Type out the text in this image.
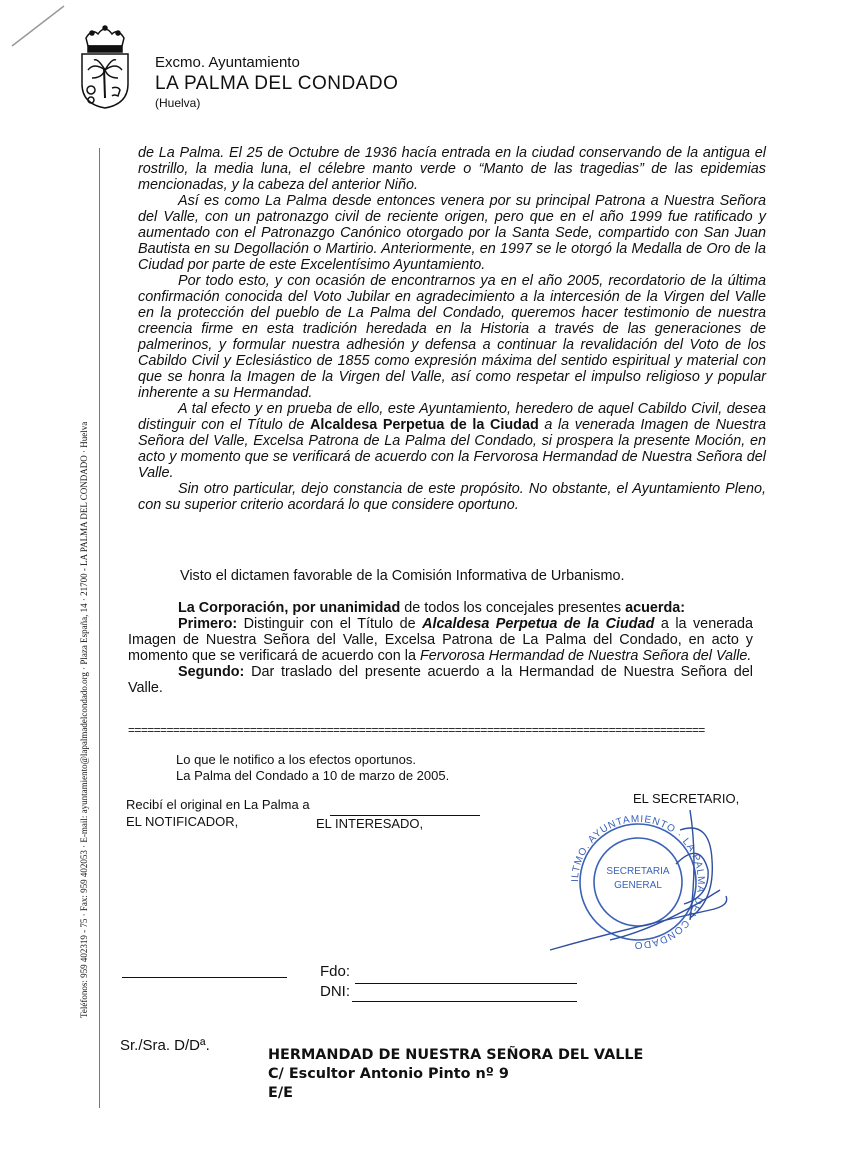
Excmo. Ayuntamiento
LA PALMA DEL CONDADO
(Huelva)
Teléfonos: 959 402319 - 75 · Fax: 959 402053 · E-mail: ayuntamiento@lapalmadelcondado.org · Plaza España, 14 · 21700 - LA PALMA DEL CONDADO · Huelva

de La Palma. El 25 de Octubre de 1936 hacía entrada en la ciudad conservando de la antigua el rostrillo, la media luna, el célebre manto verde o “Manto de las tragedias” de las epidemias mencionadas, y la cabeza del anterior Niño.

Así es como La Palma desde entonces venera por su principal Patrona a Nuestra Señora del Valle, con un patronazgo civil de reciente origen, pero que en el año 1999 fue ratificado y aumentado con el Patronazgo Canónico otorgado por la Santa Sede, compartido con San Juan Bautista en su Degollación o Martirio. Anteriormente, en 1997 se le otorgó la Medalla de Oro de la Ciudad por parte de este Excelentísimo Ayuntamiento.

Por todo esto, y con ocasión de encontrarnos ya en el año 2005, recordatorio de la última confirmación conocida del Voto Jubilar en agradecimiento a la intercesión de la Virgen del Valle en la protección del pueblo de La Palma del Condado, queremos hacer testimonio de nuestra creencia firme en esta tradición heredada en la Historia a través de las generaciones de palmerinos, y formular nuestra adhesión y defensa a continuar la revalidación del Voto de los Cabildo Civil y Eclesiástico de 1855 como expresión máxima del sentido espiritual y material con que se honra la Imagen de la Virgen del Valle, así como respetar el impulso religioso y popular inherente a su Hermandad.

A tal efecto y en prueba de ello, este Ayuntamiento, heredero de aquel Cabildo Civil, desea distinguir con el Título de Alcaldesa Perpetua de la Ciudad a la venerada Imagen de Nuestra Señora del Valle, Excelsa Patrona de La Palma del Condado, si prospera la presente Moción, en acto y momento que se verificará de acuerdo con la Fervorosa Hermandad de Nuestra Señora del Valle.

Sin otro particular, dejo constancia de este propósito. No obstante, el Ayuntamiento Pleno, con su superior criterio acordará lo que considere oportuno.

Visto el dictamen favorable de la Comisión Informativa de Urbanismo.

La Corporación, por unanimidad de todos los concejales presentes acuerda:

Primero: Distinguir con el Título de Alcaldesa Perpetua de la Ciudad a la venerada Imagen de Nuestra Señora del Valle, Excelsa Patrona de La Palma del Condado, en acto y momento que se verificará de acuerdo con la Fervorosa Hermandad de Nuestra Señora del Valle.

Segundo: Dar traslado del presente acuerdo a la Hermandad de Nuestra Señora del Valle.

==========================================================================================
Lo que le notifico a los efectos oportunos.
La Palma del Condado a 10 de marzo de 2005.
Recibí el original en La Palma a	EL SECRETARIO,
EL NOTIFICADOR,	EL INTERESADO,
ILTMO. AYUNTAMIENTO · LA PALMA DEL CONDADO
SECRETARIA
GENERAL
Fdo:
DNI:
Sr./Sra. D/Dª.
HERMANDAD DE NUESTRA SEÑORA DEL VALLE
C/ Escultor Antonio Pinto nº 9
E/E
